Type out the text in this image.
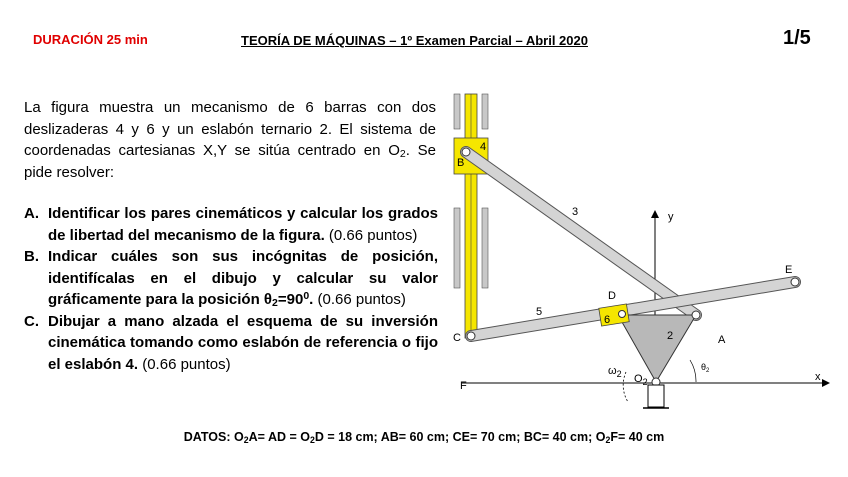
DURACIÓN 25 min	TEORÍA DE MÁQUINAS – 1º Examen Parcial – Abril 2020	1/5

La figura muestra un mecanismo de 6 barras con dos deslizaderas 4 y 6 y un eslabón ternario 2. El sistema de coordenadas cartesianas X,Y se sitúa centrado en $O_2$. Se pide resolver:

A. Identificar los pares cinemáticos y calcular los grados de libertad del mecanismo de la figura. (0.66 puntos)
B. Indicar cuáles son sus incógnitas de posición, identifícalas en el dibujo y calcular su valor gráficamente para la posición $\theta_2=90^0$. (0.66 puntos)
C. Dibujar a mano alzada el esquema de su inversión cinemática tomando como eslabón de referencia o fijo el eslabón 4. (0.66 puntos)
DATOS: $O_2A=$ AD = $O_2D = 18$ cm; AB= 60 cm; CE= 70 cm; BC= 40 cm; $O_2F= 40$ cm
4
B
3	y
E
D
5
6
C	2	A
$\omega_2$ $O_2$
$\theta_2$
F
x
